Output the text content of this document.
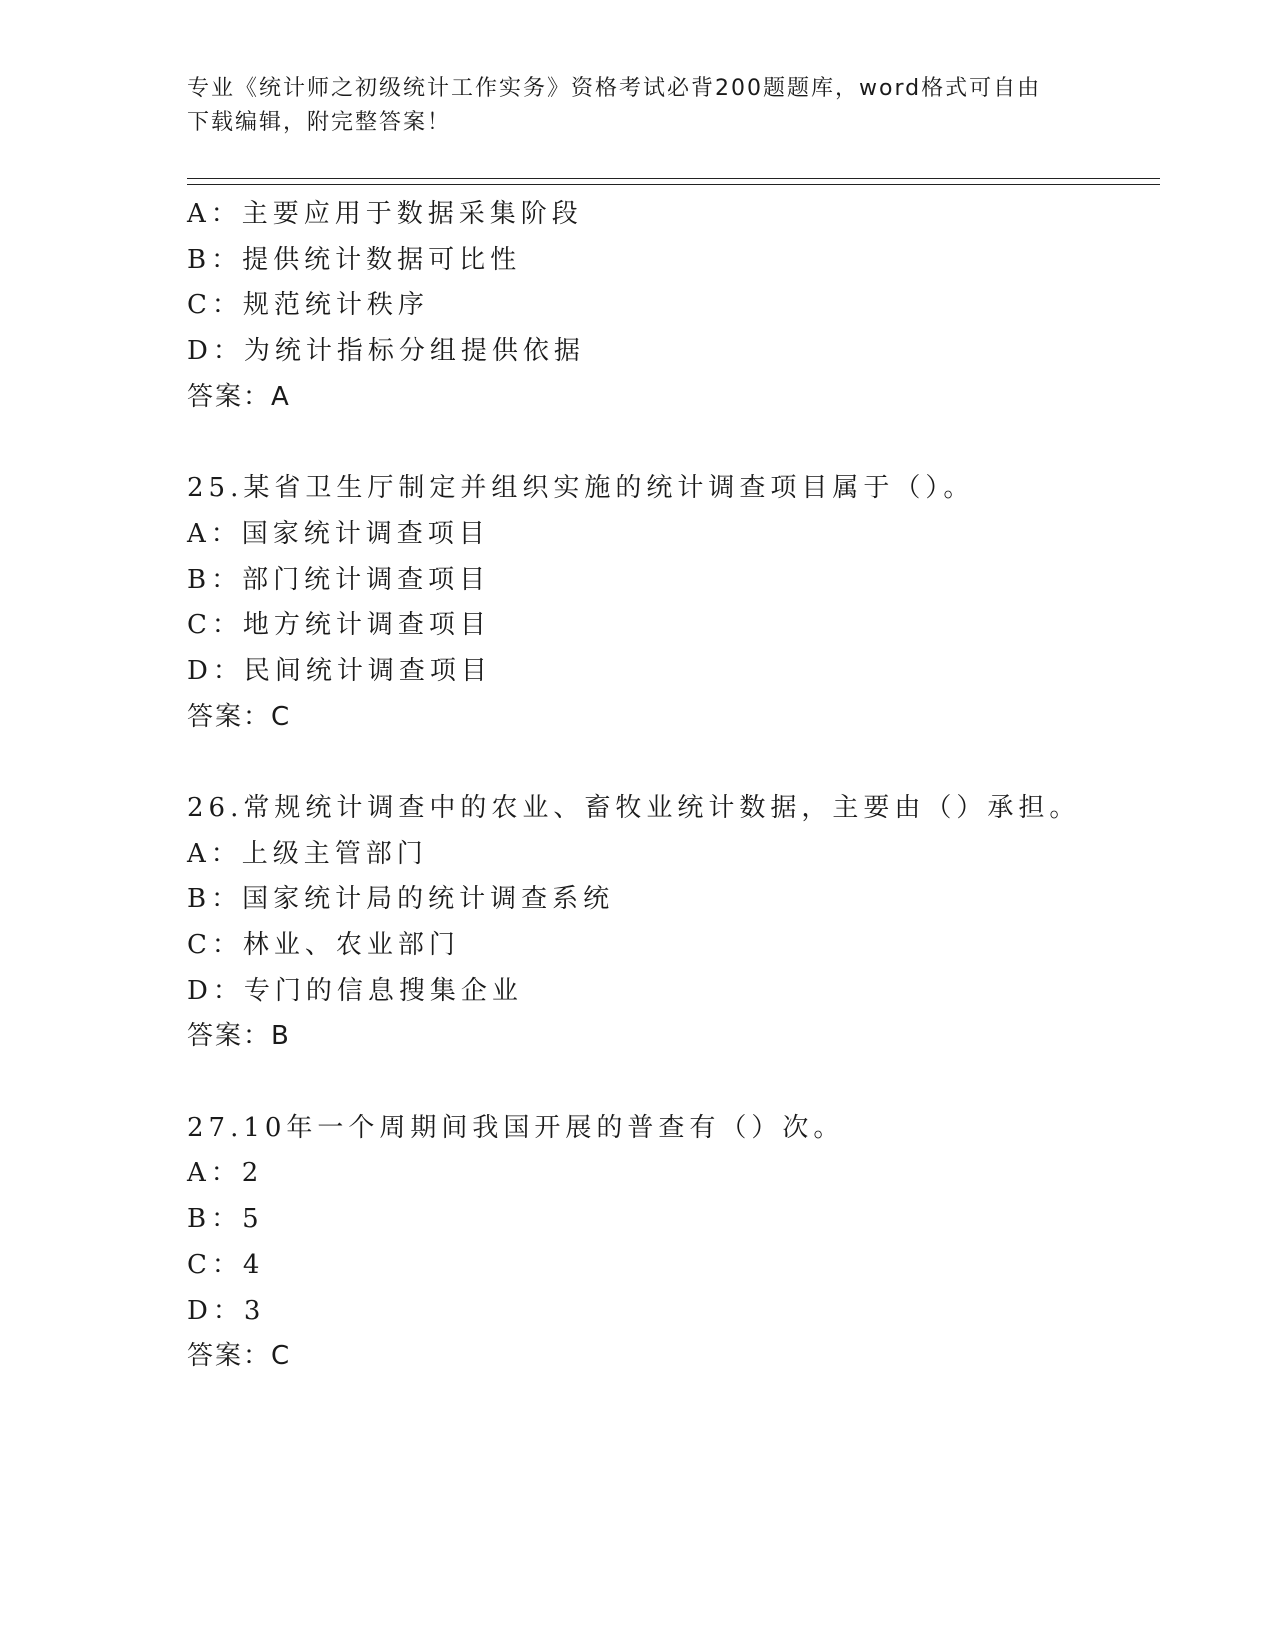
专业《统计师之初级统计工作实务》资格考试必背200题题库，word格式可自由
下载编辑，附完整答案！
A：主要应用于数据采集阶段
B：提供统计数据可比性
C：规范统计秩序
D：为统计指标分组提供依据
答案：A
25.某省卫生厅制定并组织实施的统计调查项目属于（）。
A：国家统计调查项目
B：部门统计调查项目
C：地方统计调查项目
D：民间统计调查项目
答案：C
26.常规统计调查中的农业、畜牧业统计数据，主要由（）承担。
A：上级主管部门
B：国家统计局的统计调查系统
C：林业、农业部门
D：专门的信息搜集企业
答案：B
27.10年一个周期间我国开展的普查有（）次。
A：2
B：5
C：4
D：3
答案：C
